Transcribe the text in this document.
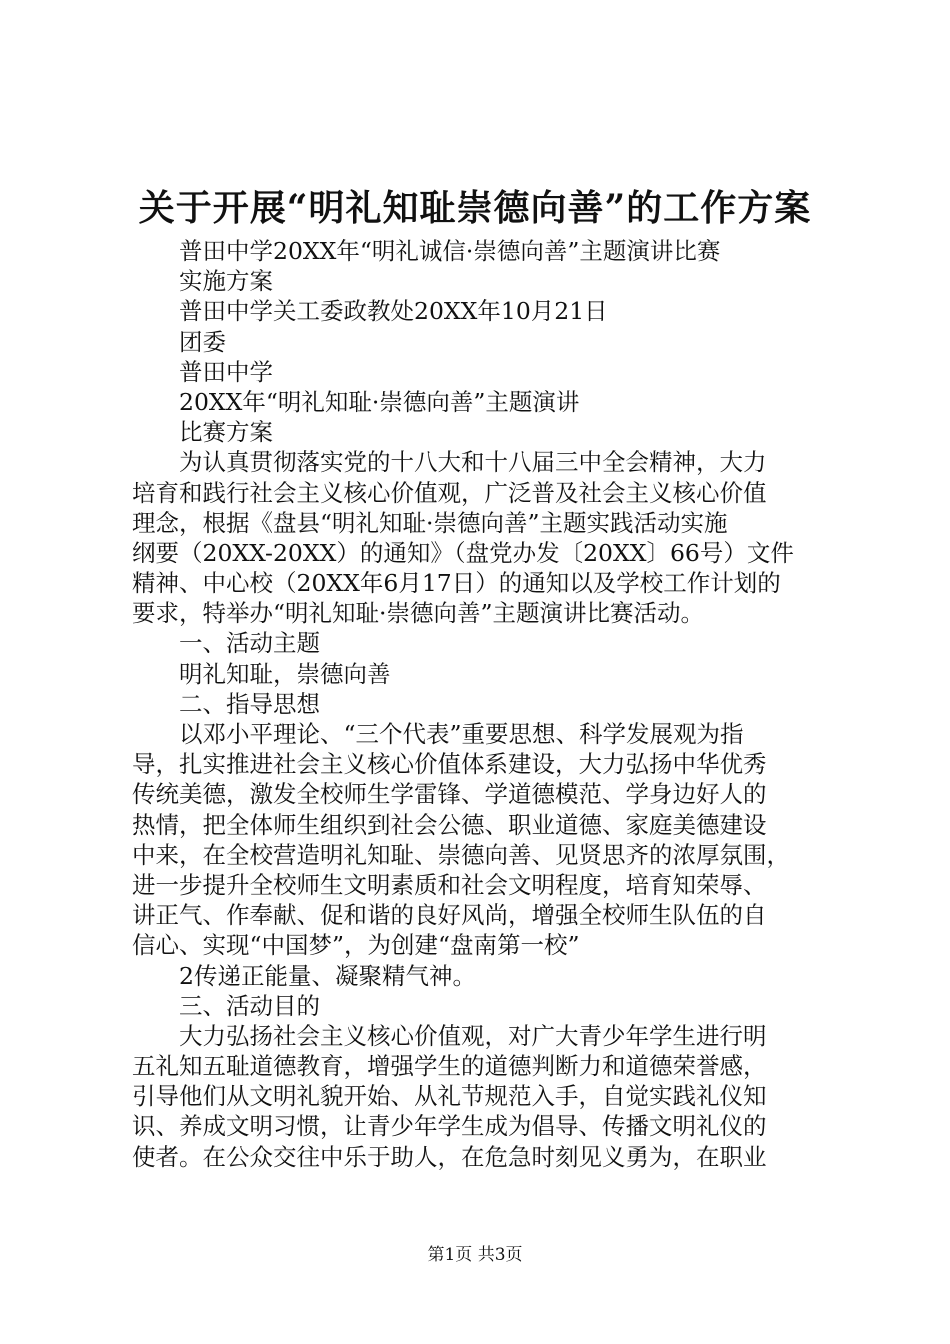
关于开展“明礼知耻崇德向善”的工作方案
普田中学20XX年“明礼诚信·崇德向善”主题演讲比赛
实施方案
普田中学关工委政教处20XX年10月21日
团委
普田中学
20XX年“明礼知耻·崇德向善”主题演讲
比赛方案
为认真贯彻落实党的十八大和十八届三中全会精神，大力
培育和践行社会主义核心价值观，广泛普及社会主义核心价值
理念，根据《盘县“明礼知耻·崇德向善”主题实践活动实施
纲要（20XX-20XX）的通知》（盘党办发〔20XX〕66号）文件
精神、中心校（20XX年6月17日）的通知以及学校工作计划的
要求，特举办“明礼知耻·崇德向善”主题演讲比赛活动。
一、活动主题
明礼知耻，崇德向善
二、指导思想
以邓小平理论、“三个代表”重要思想、科学发展观为指
导，扎实推进社会主义核心价值体系建设，大力弘扬中华优秀
传统美德，激发全校师生学雷锋、学道德模范、学身边好人的
热情，把全体师生组织到社会公德、职业道德、家庭美德建设
中来，在全校营造明礼知耻、崇德向善、见贤思齐的浓厚氛围，
进一步提升全校师生文明素质和社会文明程度，培育知荣辱、
讲正气、作奉献、促和谐的良好风尚，增强全校师生队伍的自
信心、实现“中国梦”，为创建“盘南第一校”
2传递正能量、凝聚精气神。
三、活动目的
大力弘扬社会主义核心价值观，对广大青少年学生进行明
五礼知五耻道德教育，增强学生的道德判断力和道德荣誉感，
引导他们从文明礼貌开始、从礼节规范入手，自觉实践礼仪知
识、养成文明习惯，让青少年学生成为倡导、传播文明礼仪的
使者。在公众交往中乐于助人，在危急时刻见义勇为，在职业
第1页 共3页
